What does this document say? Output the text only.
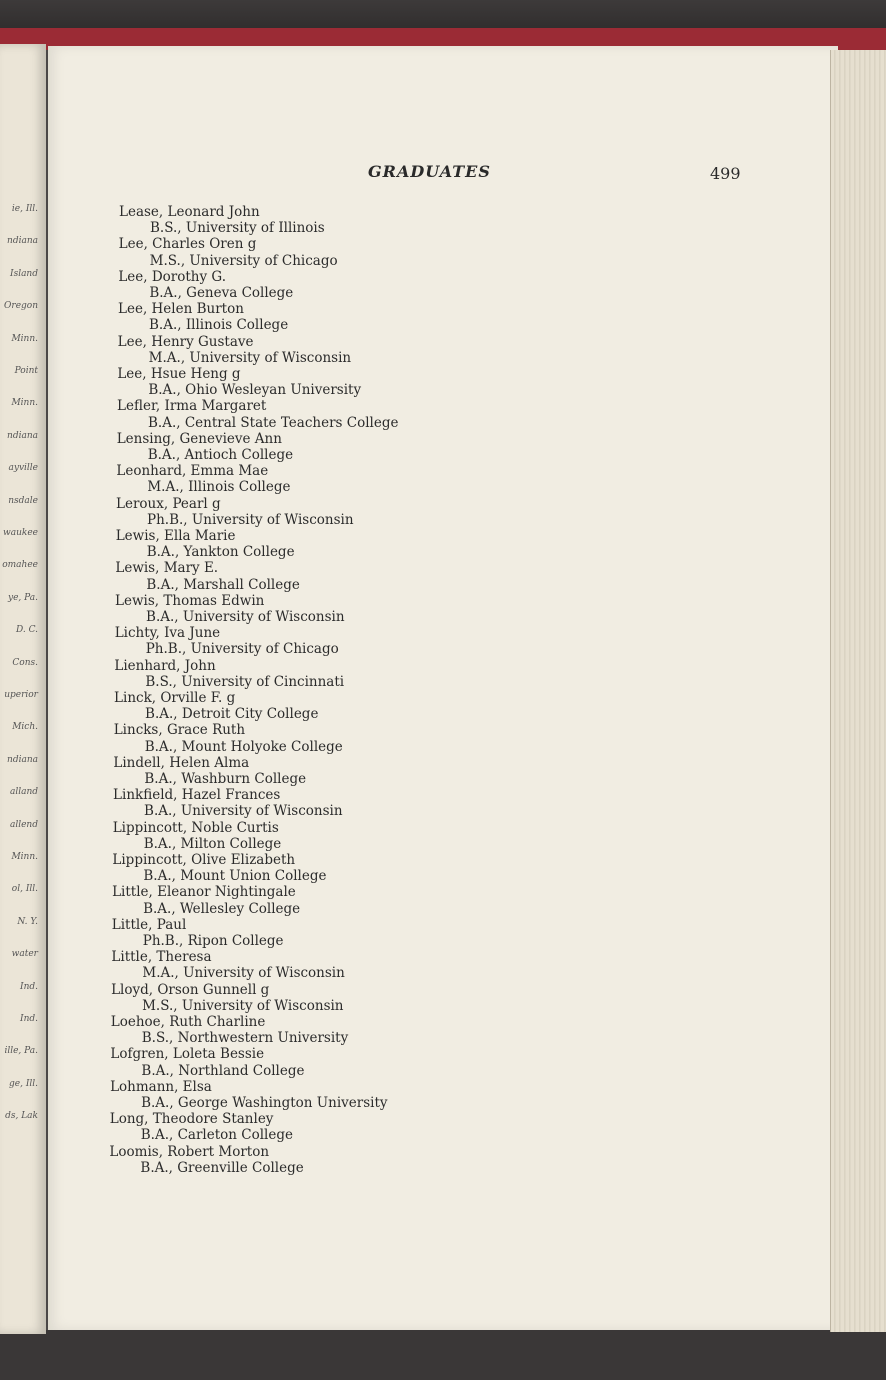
ie, Ill.
ndiana
Island
Oregon
Minn.
Point
Minn.
ndiana
ayville
nsdale
waukee
omahee
ye, Pa.
D. C.
Cons.
uperior
Mich.
ndiana
alland
allend
Minn.
ol, Ill.
N. Y.
water
Ind.
Ind.
ille, Pa.
ge, Ill.
ds, Lak
GRADUATES	499
Lease, Leonard John
B.S., University of Illinois
Lee, Charles Oren g
M.S., University of Chicago
Lee, Dorothy G.
B.A., Geneva College
Lee, Helen Burton
B.A., Illinois College
Lee, Henry Gustave
M.A., University of Wisconsin
Lee, Hsue Heng g
B.A., Ohio Wesleyan University
Lefler, Irma Margaret
B.A., Central State Teachers College
Lensing, Genevieve Ann
B.A., Antioch College
Leonhard, Emma Mae
M.A., Illinois College
Leroux, Pearl g
Ph.B., University of Wisconsin
Lewis, Ella Marie
B.A., Yankton College
Lewis, Mary E.
B.A., Marshall College
Lewis, Thomas Edwin
B.A., University of Wisconsin
Lichty, Iva June
Ph.B., University of Chicago
Lienhard, John
B.S., University of Cincinnati
Linck, Orville F. g
B.A., Detroit City College
Lincks, Grace Ruth
B.A., Mount Holyoke College
Lindell, Helen Alma
B.A., Washburn College
Linkfield, Hazel Frances
B.A., University of Wisconsin
Lippincott, Noble Curtis
B.A., Milton College
Lippincott, Olive Elizabeth
B.A., Mount Union College
Little, Eleanor Nightingale
B.A., Wellesley College
Little, Paul
Ph.B., Ripon College
Little, Theresa
M.A., University of Wisconsin
Lloyd, Orson Gunnell g
M.S., University of Wisconsin
Loehoe, Ruth Charline
B.S., Northwestern University
Lofgren, Loleta Bessie
B.A., Northland College
Lohmann, Elsa
B.A., George Washington University
Long, Theodore Stanley
B.A., Carleton College
Loomis, Robert Morton
B.A., Greenville College
